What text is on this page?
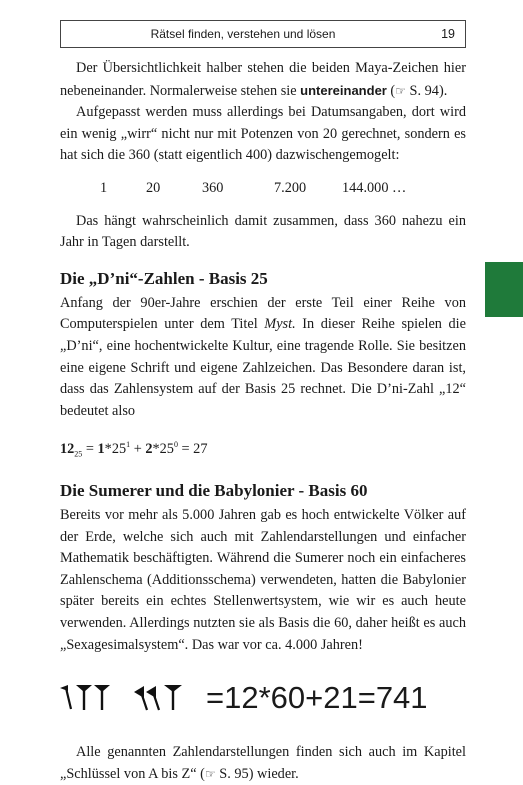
Rätsel finden, verstehen und lösen	19

Der Übersichtlichkeit halber stehen die beiden Maya-Zeichen hier nebeneinander. Normalerweise stehen sie untereinander (☞ S. 94).

Aufgepasst werden muss allerdings bei Datumsangaben, dort wird ein wenig „wirr“ nicht nur mit Potenzen von 20 gerechnet, sondern es hat sich die 360 (statt eigentlich 400) dazwischengemogelt:

1	20	360	7.200	144.000 …

Das hängt wahrscheinlich damit zusammen, dass 360 nahezu ein Jahr in Tagen darstellt.

Die „D’ni“-Zahlen - Basis 25

Anfang der 90er-Jahre erschien der erste Teil einer Reihe von Computerspielen unter dem Titel Myst. In dieser Reihe spielen die „D’ni“, eine hochentwickelte Kultur, eine tragende Rolle. Sie besitzen eine eigene Schrift und eigene Zahlzeichen. Das Besondere daran ist, dass das Zahlensystem auf der Basis 25 rechnet. Die D’ni-Zahl „12“ bedeutet also

$12_{25} = 1*25^1 + 2*25^0 = 27$
Die Sumerer und die Babylonier - Basis 60

Bereits vor mehr als 5.000 Jahren gab es hoch entwickelte Völker auf der Erde, welche sich auch mit Zahlendarstellungen und einfacher Mathematik beschäftigten. Während die Sumerer noch ein einfacheres Zahlenschema (Additionsschema) verwendeten, hatten die Babylonier später bereits ein echtes Stellenwertsystem, wie wir es auch heute verwenden. Allerdings nutzten sie als Basis die 60, daher heißt es auch „Sexagesimalsystem“. Das war vor ca. 4.000 Jahren!

=12*60+21=741

Alle genannten Zahlendarstellungen finden sich auch im Kapitel „Schlüssel von A bis Z“ (☞ S. 95) wieder.
